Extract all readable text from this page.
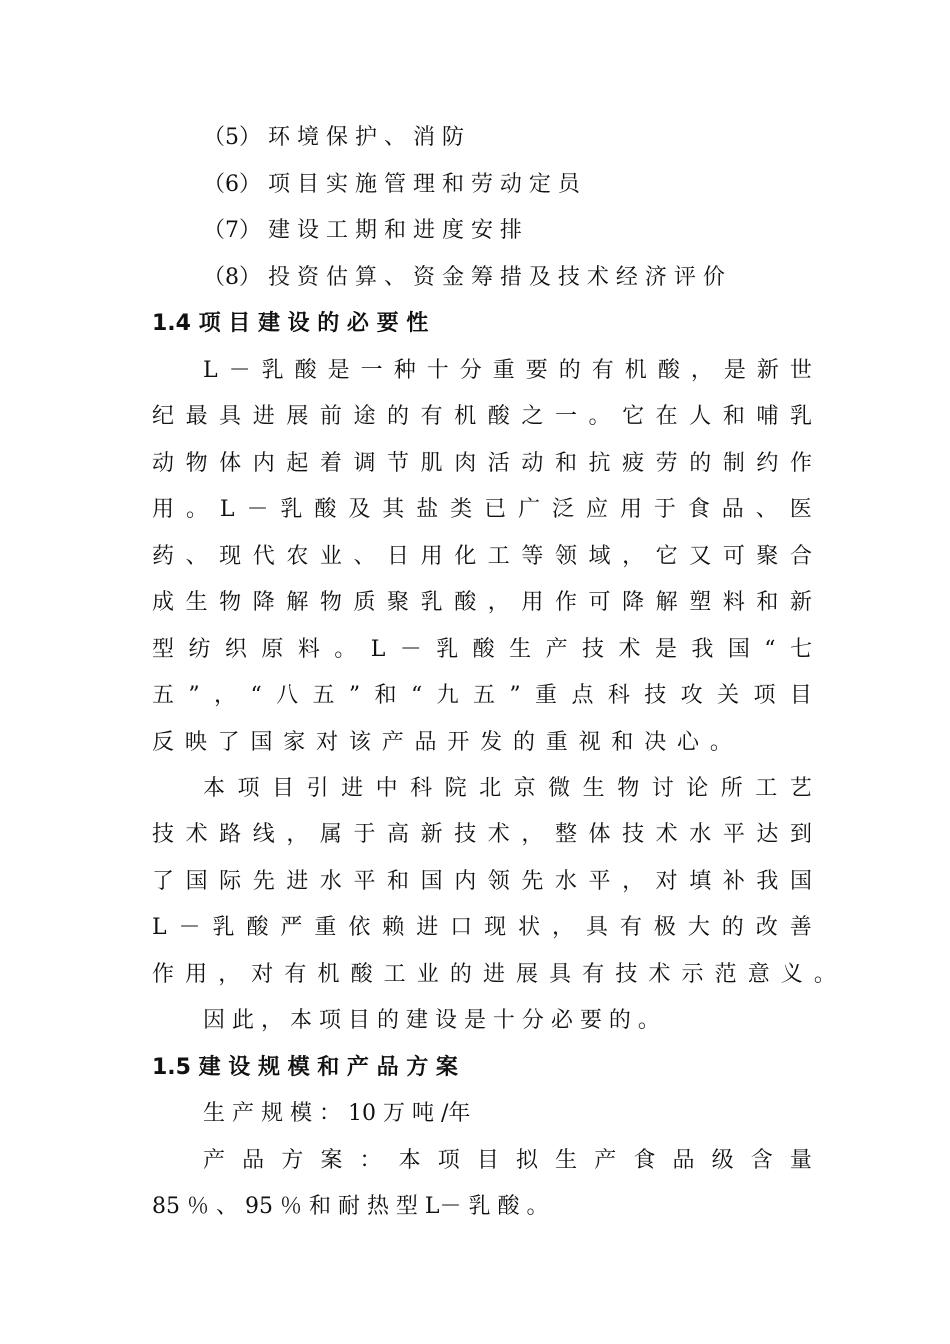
（5） 环 境 保 护 、 消 防
（6） 项 目 实 施 管 理 和 劳 动 定 员
（7） 建 设 工 期 和 进 度 安 排
（8） 投 资 估 算 、 资 金 筹 措 及 技 术 经 济 评 价
1.4 项 目 建 设 的 必 要 性
L － 乳 酸 是 一 种 十 分 重 要 的 有 机 酸 ， 是 新 世
纪 最 具 进 展 前 途 的 有 机 酸 之 一 。 它 在 人 和 哺 乳
动 物 体 内 起 着 调 节 肌 肉 活 动 和 抗 疲 劳 的 制 约 作
用 。 L － 乳 酸 及 其 盐 类 已 广 泛 应 用 于 食 品 、 医
药 、 现 代 农 业 、 日 用 化 工 等 领 域 ， 它 又 可 聚 合
成 生 物 降 解 物 质 聚 乳 酸 ， 用 作 可 降 解 塑 料 和 新
型 纺 织 原 料 。 L － 乳 酸 生 产 技 术 是 我 国 “ 七
五 ” ， “ 八 五 ” 和 “ 九 五 ” 重 点 科 技 攻 关 项 目
反 映 了 国 家 对 该 产 品 开 发 的 重 视 和 决 心 。
本 项 目 引 进 中 科 院 北 京 微 生 物 讨 论 所 工 艺
技 术 路 线 ， 属 于 高 新 技 术 ， 整 体 技 术 水 平 达 到
了 国 际 先 进 水 平 和 国 内 领 先 水 平 ， 对 填 补 我 国
L － 乳 酸 严 重 依 赖 进 口 现 状 ， 具 有 极 大 的 改 善
作 用 ， 对 有 机 酸 工 业 的 进 展 具 有 技 术 示 范 意 义 。
因 此 ， 本 项 目 的 建 设 是 十 分 必 要 的 。
1.5 建 设 规 模 和 产 品 方 案
生 产 规 模 ： 10 万 吨 /年
产 品 方 案 ： 本 项 目 拟 生 产 食 品 级 含 量
85 ％ 、 95 ％ 和 耐 热 型 L－ 乳 酸 。
